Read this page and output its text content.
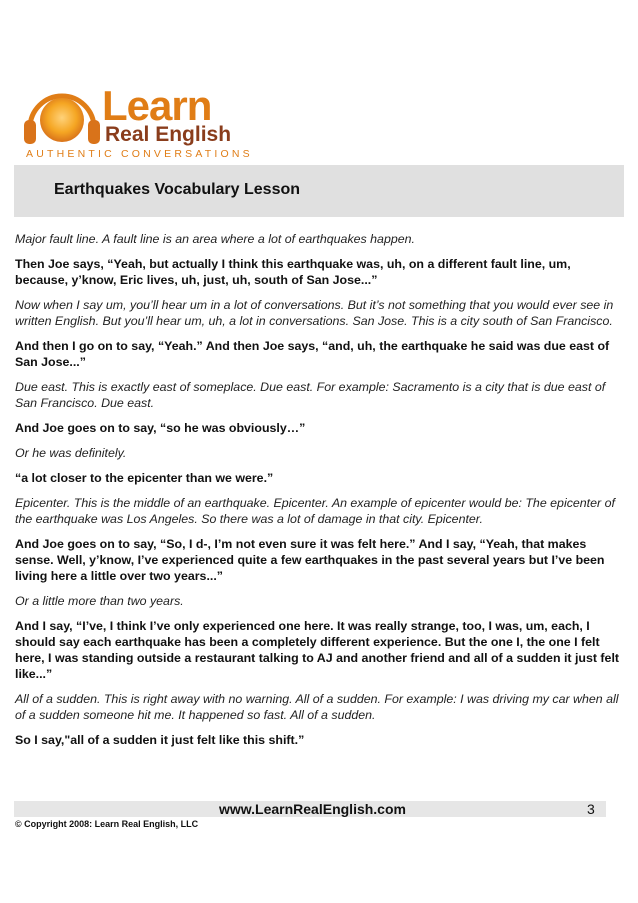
Learn
Real English
AUTHENTIC CONVERSATIONS
Earthquakes Vocabulary Lesson

Major fault line. A fault line is an area where a lot of earthquakes happen.

Then Joe says, “Yeah, but actually I think this earthquake was, uh, on a different fault line, um, because, y’know, Eric lives, uh, just, uh, south of San Jose...”

Now when I say um, you’ll hear um in a lot of conversations. But it’s not something that you would ever see in written English. But you’ll hear um, uh, a lot in conversations. San Jose. This is a city south of San Francisco.

And then I go on to say, “Yeah.” And then Joe says, “and, uh, the earthquake he said was due east of San Jose...”

Due east. This is exactly east of someplace. Due east. For example: Sacramento is a city that is due east of San Francisco. Due east.

And Joe goes on to say, “so he was obviously…”

Or he was definitely.

“a lot closer to the epicenter than we were.”

Epicenter. This is the middle of an earthquake. Epicenter. An example of epicenter would be: The epicenter of the earthquake was Los Angeles. So there was a lot of damage in that city. Epicenter.

And Joe goes on to say, “So, I d-, I’m not even sure it was felt here.” And I say, “Yeah, that makes sense. Well, y’know, I’ve experienced quite a few earthquakes in the past several years but I’ve been living here a little over two years...”

Or a little more than two years.

And I say, “I’ve, I think I’ve only experienced one here. It was really strange, too, I was, um, each, I should say each earthquake has been a completely different experience. But the one I, the one I felt here, I was standing outside a restaurant talking to AJ and another friend and all of a sudden it just felt like...”

All of a sudden. This is right away with no warning. All of a sudden. For example: I was driving my car when all of a sudden someone hit me. It happened so fast. All of a sudden.

So I say,"all of a sudden it just felt like this shift.”

www.LearnRealEnglish.com	3
© Copyright 2008: Learn Real English, LLC
